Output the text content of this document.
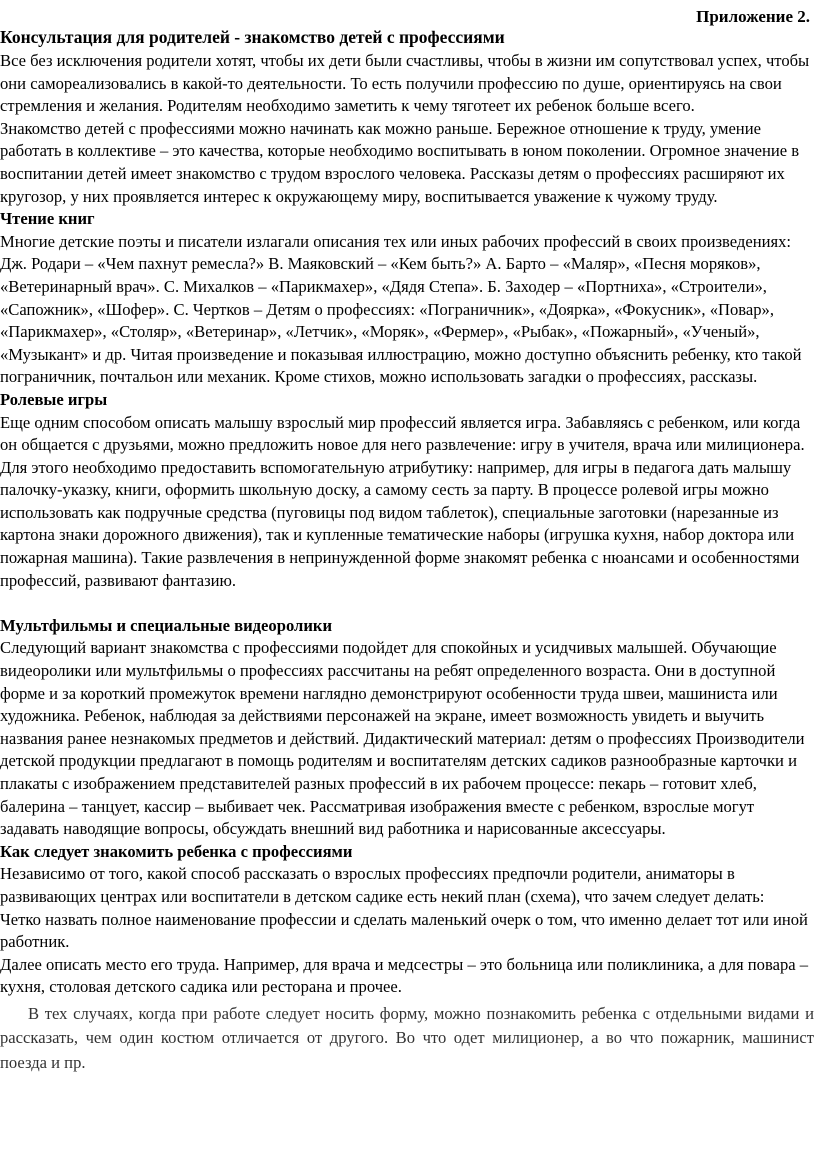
Приложение 2.
Консультация для родителей - знакомство детей с профессиями

Все без исключения родители хотят, чтобы их дети были счастливы, чтобы в жизни им сопутствовал успех, чтобы они самореализовались в какой-то деятельности. То есть получили профессию по душе, ориентируясь на свои стремления и желания. Родителям необходимо заметить к чему тяготеет их ребенок больше всего.

Знакомство детей с профессиями можно начинать как можно раньше. Бережное отношение к труду, умение работать в коллективе – это качества, которые необходимо воспитывать в юном поколении. Огромное значение в воспитании детей имеет знакомство с трудом взрослого человека. Рассказы детям о профессиях расширяют их кругозор, у них проявляется интерес к окружающему миру, воспитывается уважение к чужому труду.

Чтение книг

Многие детские поэты и писатели излагали описания тех или иных рабочих профессий в своих произведениях: Дж. Родари – «Чем пахнут ремесла?» В. Маяковский – «Кем быть?» А. Барто – «Маляр», «Песня моряков», «Ветеринарный врач». С. Михалков – «Парикмахер», «Дядя Степа». Б. Заходер – «Портниха», «Строители», «Сапожник», «Шофер». С. Чертков – Детям о профессиях: «Пограничник», «Доярка», «Фокусник», «Повар», «Парикмахер», «Столяр», «Ветеринар», «Летчик», «Моряк», «Фермер», «Рыбак», «Пожарный», «Ученый», «Музыкант» и др. Читая произведение и показывая иллюстрацию, можно доступно объяснить ребенку, кто такой пограничник, почтальон или механик. Кроме стихов, можно использовать загадки о профессиях, рассказы.

Ролевые игры

Еще одним способом описать малышу взрослый мир профессий является игра. Забавляясь с ребенком, или когда он общается с друзьями, можно предложить новое для него развлечение: игру в учителя, врача или милиционера. Для этого необходимо предоставить вспомогательную атрибутику: например, для игры в педагога дать малышу палочку-указку, книги, оформить школьную доску, а самому сесть за парту. В процессе ролевой игры можно использовать как подручные средства (пуговицы под видом таблеток), специальные заготовки (нарезанные из картона знаки дорожного движения), так и купленные тематические наборы (игрушка кухня, набор доктора или пожарная машина). Такие развлечения в непринужденной форме знакомят ребенка с нюансами и особенностями профессий, развивают фантазию.

Мультфильмы и специальные видеоролики

Следующий вариант знакомства с профессиями подойдет для спокойных и усидчивых малышей. Обучающие видеоролики или мультфильмы о профессиях рассчитаны на ребят определенного возраста. Они в доступной форме и за короткий промежуток времени наглядно демонстрируют особенности труда швеи, машиниста или художника. Ребенок, наблюдая за действиями персонажей на экране, имеет возможность увидеть и выучить названия ранее незнакомых предметов и действий. Дидактический материал: детям о профессиях Производители детской продукции предлагают в помощь родителям и воспитателям детских садиков разнообразные карточки и плакаты с изображением представителей разных профессий в их рабочем процессе: пекарь – готовит хлеб, балерина – танцует, кассир – выбивает чек. Рассматривая изображения вместе с ребенком, взрослые могут задавать наводящие вопросы, обсуждать внешний вид работника и нарисованные аксессуары.

Как следует знакомить ребенка с профессиями

Независимо от того, какой способ рассказать о взрослых профессиях предпочли родители, аниматоры в развивающих центрах или воспитатели в детском садике есть некий план (схема), что зачем следует делать:

Четко назвать полное наименование профессии и сделать маленький очерк о том, что именно делает тот или иной работник.

Далее описать место его труда. Например, для врача и медсестры – это больница или поликлиника, а для повара – кухня, столовая детского садика или ресторана и прочее.

В тех случаях, когда при работе следует носить форму, можно познакомить ребенка с отдельными видами и рассказать, чем один костюм отличается от другого. Во что одет милиционер, а во что пожарник, машинист поезда и пр.
